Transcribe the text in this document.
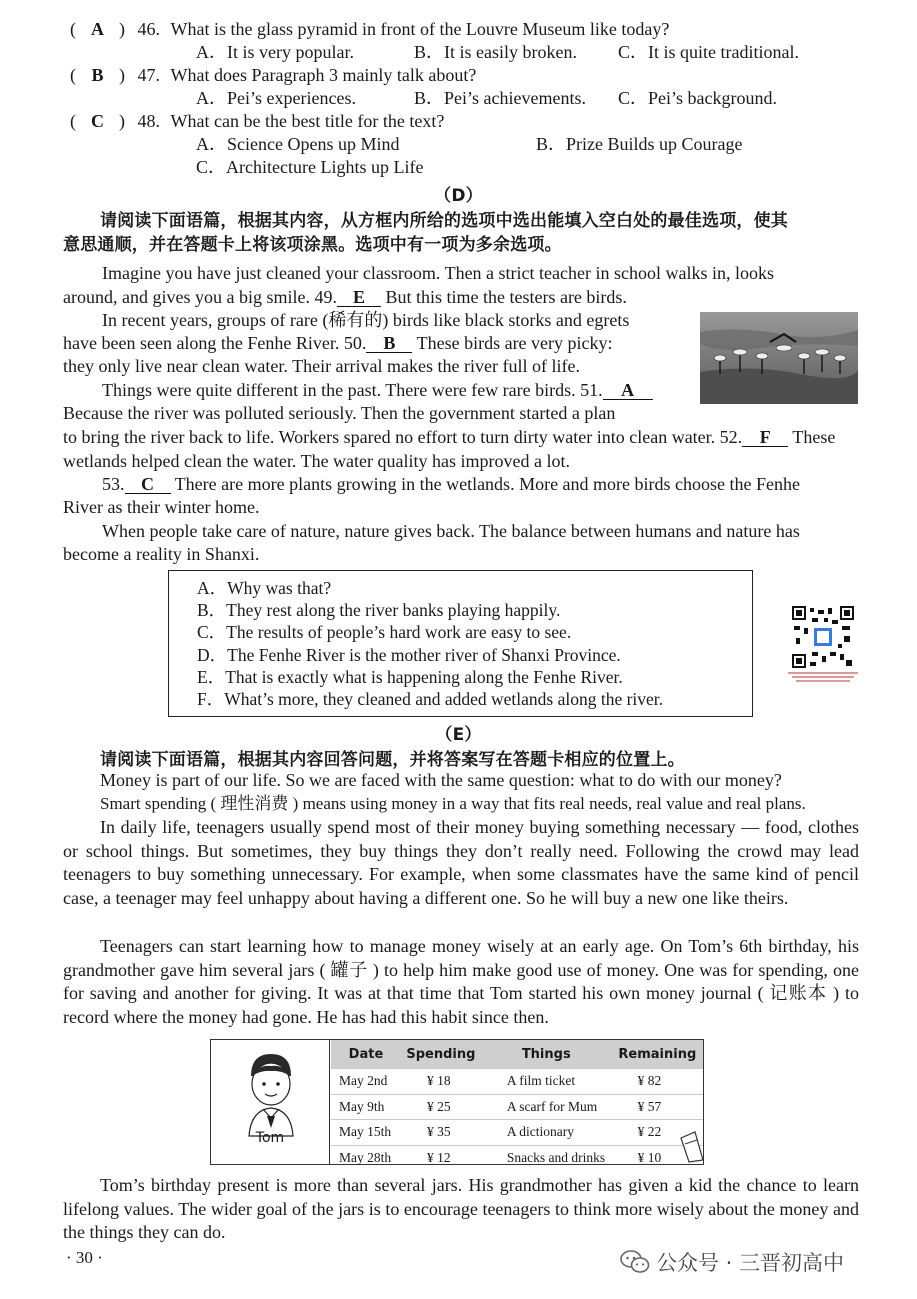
( A ) 46. What is the glass pyramid in front of the Louvre Museum like today?
A．It is very popular.	B．It is easily broken. C．It is quite traditional.
( B ) 47. What does Paragraph 3 mainly talk about?
A．Pei’s experiences.	B．Pei’s achievements. C．Pei’s background.
( C ) 48. What can be the best title for the text?
A．Science Opens up Mind	B．Prize Builds up Courage
C．Architecture Lights up Life
（D）
请阅读下面语篇，根据其内容，从方框内所给的选项中选出能填入空白处的最佳选项，使其
意思通顺，并在答题卡上将该项涂黑。选项中有一项为多余选项。
Imagine you have just cleaned your classroom. Then a strict teacher in school walks in, looks
around, and gives you a big smile. 49. E But this time the testers are birds.
In recent years, groups of rare (稀有的) birds like black storks and egrets
have been seen along the Fenhe River. 50. B These birds are very picky:
they only live near clean water. Their arrival makes the river full of life.
Things were quite different in the past. There were few rare birds. 51. A
Because the river was polluted seriously. Then the government started a plan
to bring the river back to life. Workers spared no effort to turn dirty water into clean water. 52. F These
wetlands helped clean the water. The water quality has improved a lot.
53. C There are more plants growing in the wetlands. More and more birds choose the Fenhe
River as their winter home.
When people take care of nature, nature gives back. The balance between humans and nature has
become a reality in Shanxi.
A．Why was that?
B．They rest along the river banks playing happily.
C．The results of people’s hard work are easy to see.
D．The Fenhe River is the mother river of Shanxi Province.
E．That is exactly what is happening along the Fenhe River.
F．What’s more, they cleaned and added wetlands along the river.
（E）
请阅读下面语篇，根据其内容回答问题，并将答案写在答题卡相应的位置上。
Money is part of our life. So we are faced with the same question: what to do with our money?
Smart spending ( 理性消费 ) means using money in a way that fits real needs, real value and real plans.
In daily life, teenagers usually spend most of their money buying something necessary — food, clothes or school things. But sometimes, they buy things they don’t really need. Following the crowd may lead teenagers to buy something unnecessary. For example, when some classmates have the same kind of pencil case, a teenager may feel unhappy about having a different one. So he will buy a new one like theirs.
Teenagers can start learning how to manage money wisely at an early age. On Tom’s 6th birthday, his grandmother gave him several jars ( 罐子 ) to help him make good use of money. One was for spending, one for saving and another for giving. It was at that time that Tom started his own money journal ( 记账本 ) to record where the money had gone. He has had this habit since then.
Tom
Date	Spending	Things	Remaining
May 2nd	¥ 18	A film ticket	¥ 82
May 9th	¥ 25	A scarf for Mum	¥ 57
May 15th	¥ 35	A dictionary	¥ 22
May 28th	¥ 12	Snacks and drinks	¥ 10
Tom’s birthday present is more than several jars. His grandmother has given a kid the chance to learn lifelong values. The wider goal of the jars is to encourage teenagers to think more wisely about the money and the things they can do.
· 30 ·	公众号 · 三晋初高中
